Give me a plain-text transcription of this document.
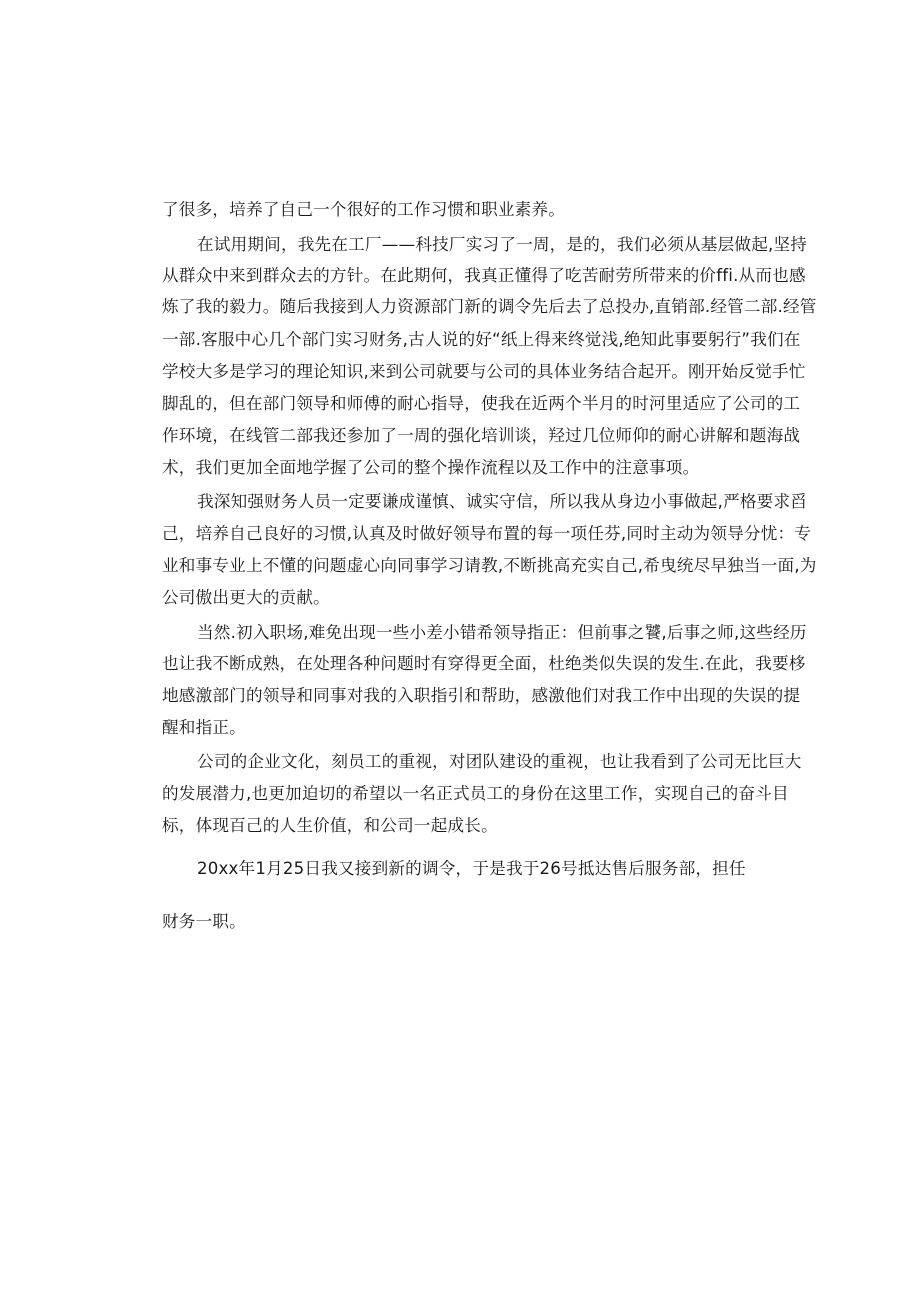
了很多，培养了自己一个很好的工作习惯和职业素养。
在试用期间，我先在工厂——科技厂实习了一周，是的，我们必须从基层做起,坚持
从群众中来到群众去的方针。在此期何，我真正懂得了吃苦耐劳所带来的价ffi.从而也感
炼了我的毅力。随后我接到人力资源部门新的调令先后去了总投办,直销部.经管二部.经管
一部.客服中心几个部门实习财务,古人说的好“纸上得来终觉浅,绝知此事要躬行”我们在
学校大多是学习的理论知识,来到公司就要与公司的具体业务结合起开。刚开始反觉手忙
脚乱的，但在部门领导和师傅的耐心指导，使我在近两个半月的时河里适应了公司的工
作环境，在线管二部我还参加了一周的强化培训谈，羟过几位师仰的耐心讲解和题海战
术，我们更加全面地学握了公司的整个操作流程以及工作中的注意事项。
我深知强财务人员一定要谦成谨慎、诚实守信，所以我从身边小事做起,严格要求舀
己，培养自己良好的习惯,认真及时做好领导布置的每一项任芬,同时主动为领导分忧：专
业和事专业上不懂的问题虚心向同事学习请教,不断挑高充实自己,希曳统尽早独当一面,为
公司傲出更大的贡献。
当然.初入职场,难免出现一些小差小错希领导指正：但前事之饕,后事之师,这些经历
也让我不断成熟，在处理各种问题时有穿得更全面，杜绝类似失误的发生.在此，我要栘
地感激部门的领导和同事对我的入职指引和帮助，感激他们对我工作中出现的失误的提
醒和指正。
公司的企业文化，刻员工的重视，对团队建设的重视，也让我看到了公司无比巨大
的发展潜力,也更加迫切的希望以一名正式员工的身份在这里工作，实现自己的奋斗目
标，体现百己的人生价值，和公司一起成长。
20xx年1月25日我又接到新的调令，于是我于26号抵达售后服务部，担任
财务一职。
